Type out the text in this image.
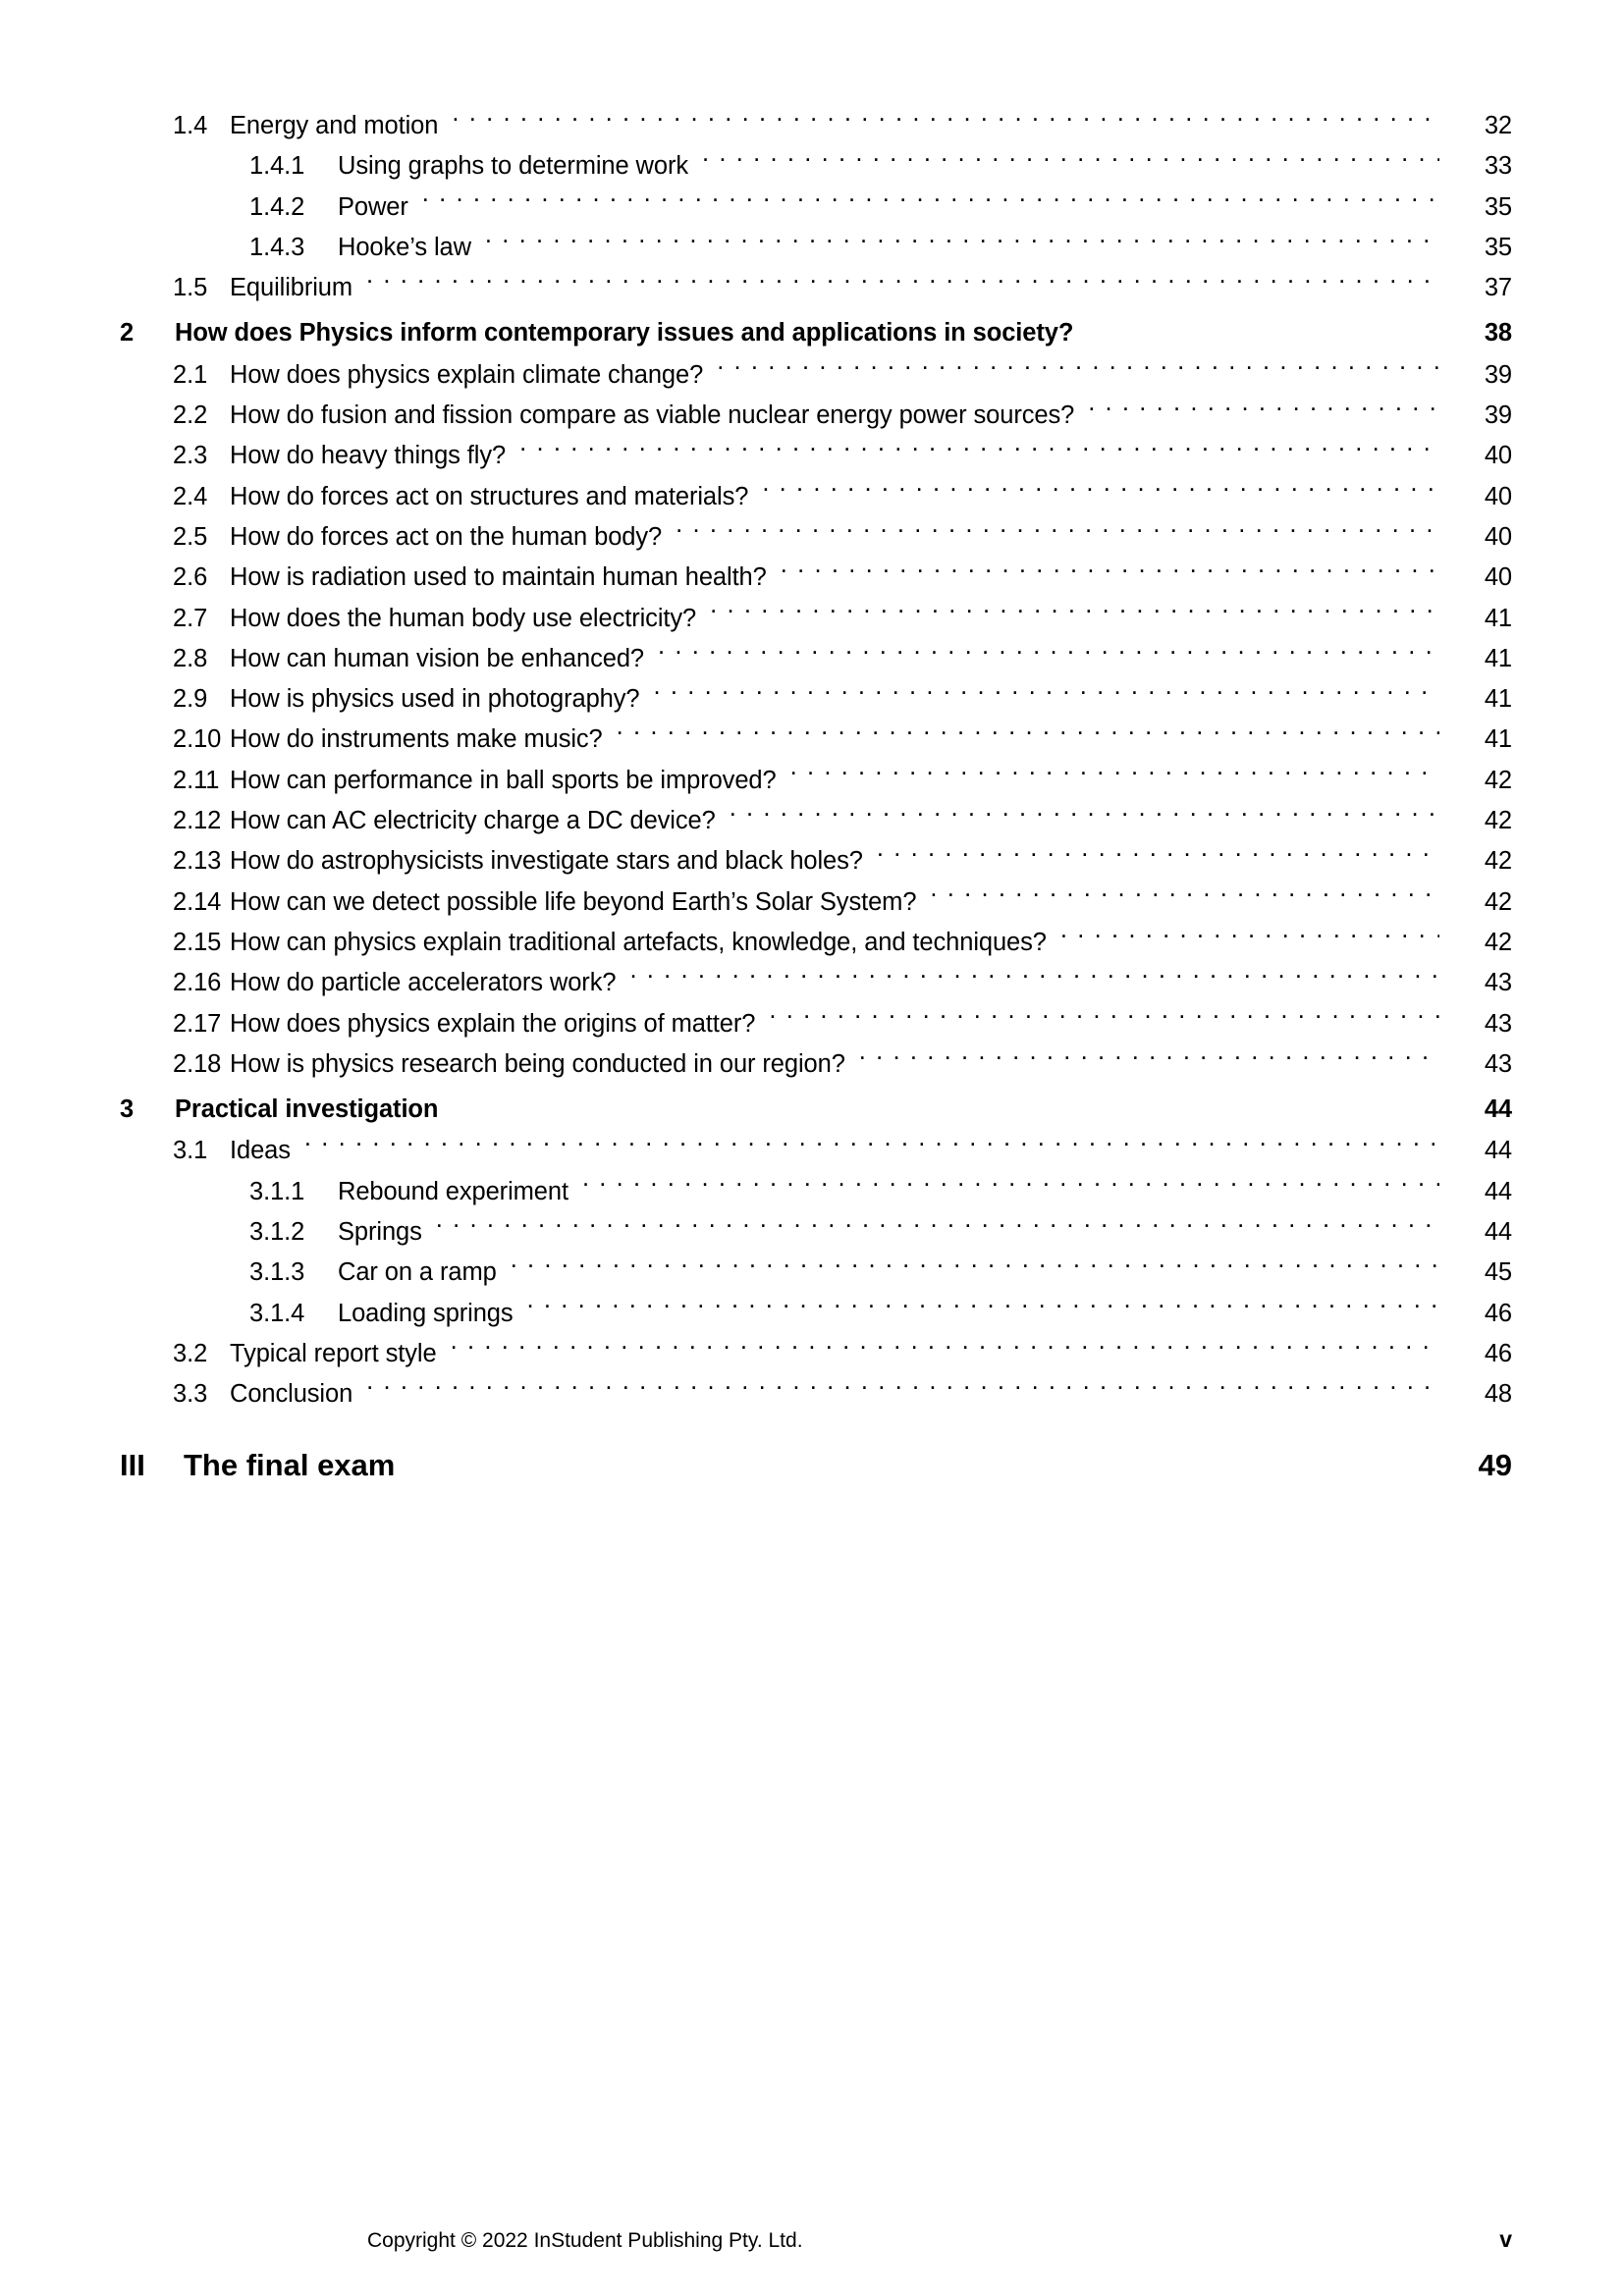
1.4 Energy and motion . . .	32
1.4.1	Using graphs to determine work . . .	33
1.4.2	Power . . .	35
1.4.3	Hooke’s law . . .	35
1.5 Equilibrium . . .	37
2	How does Physics inform contemporary issues and applications in society?	38
2.1 How does physics explain climate change? . . .	39
2.2 How do fusion and fission compare as viable nuclear energy power sources? . . .	39
2.3 How do heavy things fly? . . .	40
2.4 How do forces act on structures and materials? . . .	40
2.5 How do forces act on the human body? . . .	40
2.6 How is radiation used to maintain human health? . . .	40
2.7 How does the human body use electricity? . . .	41
2.8 How can human vision be enhanced? . . .	41
2.9 How is physics used in photography? . . .	41
2.10 How do instruments make music? . . .	41
2.11 How can performance in ball sports be improved? . . .	42
2.12 How can AC electricity charge a DC device? . . .	42
2.13 How do astrophysicists investigate stars and black holes? . . .	42
2.14 How can we detect possible life beyond Earth’s Solar System? . . .	42
2.15 How can physics explain traditional artefacts, knowledge, and techniques? . . .	42
2.16 How do particle accelerators work? . . .	43
2.17 How does physics explain the origins of matter? . . .	43
2.18 How is physics research being conducted in our region? . . .	43
3	Practical investigation	44
3.1 Ideas . . .	44
3.1.1	Rebound experiment . . .	44
3.1.2	Springs . . .	44
3.1.3	Car on a ramp . . .	45
3.1.4	Loading springs . . .	46
3.2 Typical report style . . .	46
3.3 Conclusion . . .	48
III	The final exam	49
Copyright © 2022 InStudent Publishing Pty. Ltd.	v
